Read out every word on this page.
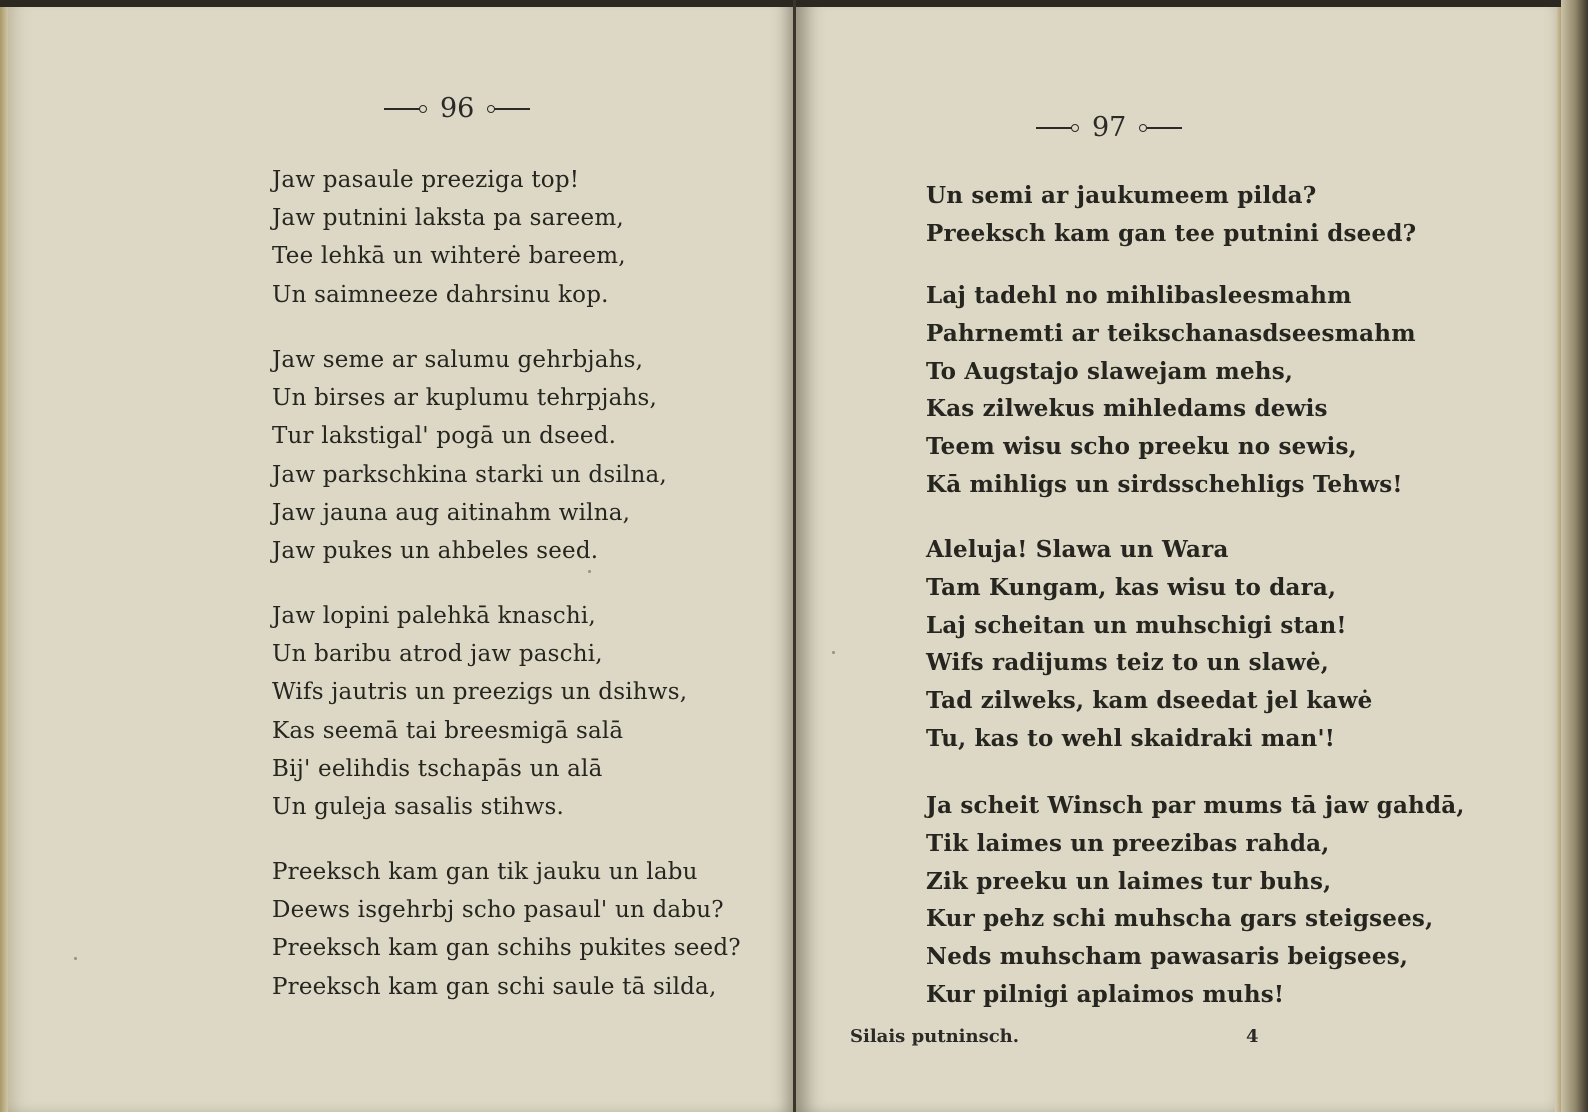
96
Jaw pasaule preeziga top!
Jaw putnini laksta pa sareem,
Tee lehkā un wihterė bareem,
Un saimneeze dahrsinu kop.
Jaw seme ar salumu gehrbjahs,
Un birses ar kuplumu tehrpjahs,
Tur lakstigal' pogā un dseed.
Jaw parkschkina starki un dsilna,
Jaw jauna aug aitinahm wilna,
Jaw pukes un ahbeles seed.
Jaw lopini palehkā knaschi,
Un baribu atrod jaw paschi,
Wifs jautris un preezigs un dsihws,
Kas seemā tai breesmigā salā
Bij' eelihdis tschapās un alā
Un guleja sasalis stihws.
Preeksch kam gan tik jauku un labu
Deews isgehrbj scho pasaul' un dabu?
Preeksch kam gan schihs pukites seed?
Preeksch kam gan schi saule tā silda,
97
Un semi ar jaukumeem pilda?
Preeksch kam gan tee putnini dseed?
Laj tadehl no mihlibasleesmahm
Pahrnemti ar teikschanasdseesmahm
To Augstajo slawejam mehs,
Kas zilwekus mihledams dewis
Teem wisu scho preeku no sewis,
Kā mihligs un sirdsschehligs Tehws!
Aleluja! Slawa un Wara
Tam Kungam, kas wisu to dara,
Laj scheitan un muhschigi stan!
Wifs radijums teiz to un slawė,
Tad zilweks, kam dseedat jel kawė
Tu, kas to wehl skaidraki man'!
Ja scheit Winsch par mums tā jaw gahdā,
Tik laimes un preezibas rahda,
Zik preeku un laimes tur buhs,
Kur pehz schi muhscha gars steigsees,
Neds muhscham pawasaris beigsees,
Kur pilnigi aplaimos muhs!
Silais putninsch.	4
